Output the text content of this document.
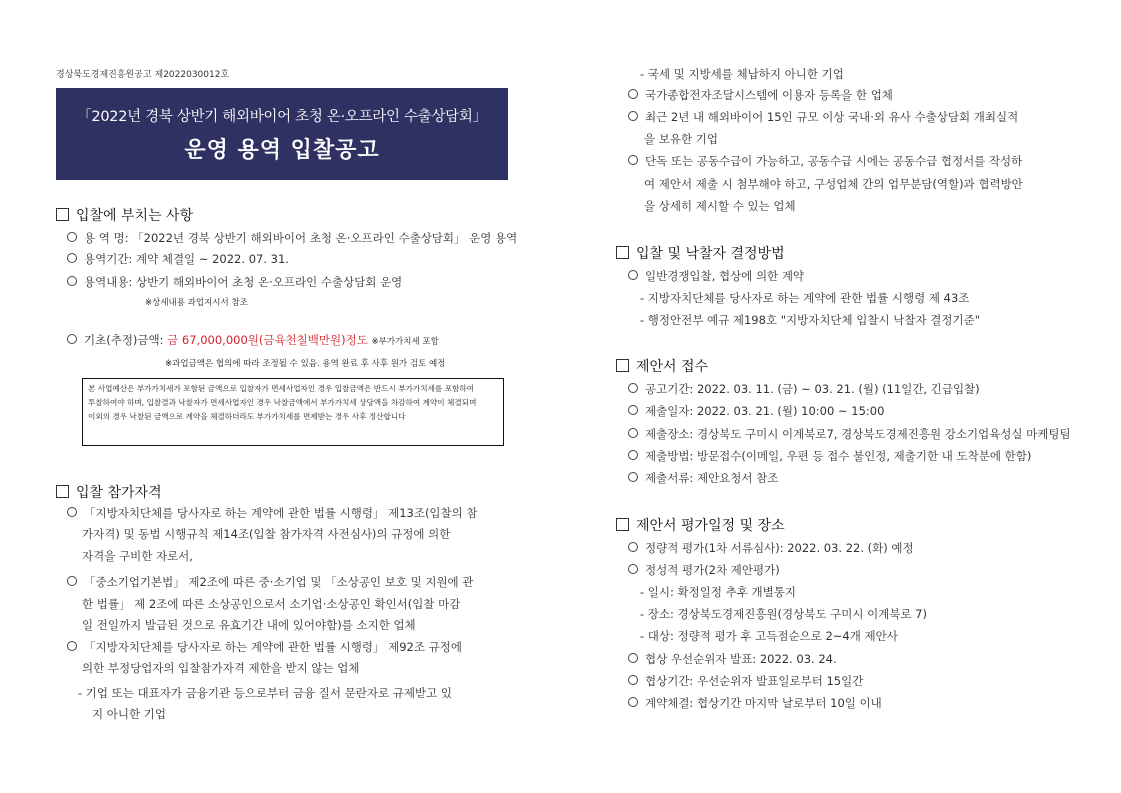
경상북도경제진흥원공고 제2022030012호
「2022년 경북 상반기 해외바이어 초청 온·오프라인 수출상담회」
운영 용역 입찰공고
입찰에 부치는 사항
용 역 명: 「2022년 경북 상반기 해외바이어 초청 온·오프라인 수출상담회」 운영 용역
용역기간: 계약 체결일 ~ 2022. 07. 31.
용역내용: 상반기 해외바이어 초청 온·오프라인 수출상담회 운영
※상세내용 과업지시서 참조
기초(추정)금액: 금 67,000,000원(금육천칠백만원)정도 ※부가가치세 포함
※과업금액은 협의에 따라 조정될 수 있음. 용역 완료 후 사후 원가 검토 예정
본 사업예산은 부가가치세가 포함된 금액으로 입찰자가 면세사업자인 경우 입찰금액은 반드시 부가가치세를 포함하여 투찰하여야 하며, 입찰결과 낙찰자가 면세사업자인 경우 낙찰금액에서 부가가치세 상당액을 차감하여 계약이 체결되며 이외의 경우 낙찰된 금액으로 계약을 체결하더라도 부가가치세를 면제받는 경우 사후 정산합니다
입찰 참가자격
「지방자치단체를 당사자로 하는 계약에 관한 법률 시행령」 제13조(입찰의 참
가자격) 및 동법 시행규칙 제14조(입찰 참가자격 사전심사)의 규정에 의한
자격을 구비한 자로서,
「중소기업기본법」 제2조에 따른 중·소기업 및 「소상공인 보호 및 지원에 관
한 법률」 제 2조에 따른 소상공인으로서 소기업·소상공인 확인서(입찰 마감
일 전일까지 발급된 것으로 유효기간 내에 있어야함)를 소지한 업체
「지방자치단체를 당사자로 하는 계약에 관한 법률 시행령」 제92조 규정에
의한 부정당업자의 입찰참가자격 제한을 받지 않는 업체
- 기업 또는 대표자가 금융기관 등으로부터 금융 질서 문란자로 규제받고 있
지 아니한 기업
- 국세 및 지방세를 체납하지 아니한 기업
국가종합전자조달시스템에 이용자 등록을 한 업체
최근 2년 내 해외바이어 15인 규모 이상 국내·외 유사 수출상담회 개최실적
을 보유한 기업
단독 또는 공동수급이 가능하고, 공동수급 시에는 공동수급 협정서를 작성하
여 제안서 제출 시 첨부해야 하고, 구성업체 간의 업무분담(역할)과 협력방안
을 상세히 제시할 수 있는 업체
입찰 및 낙찰자 결정방법
일반경쟁입찰, 협상에 의한 계약
- 지방자치단체를 당사자로 하는 계약에 관한 법률 시행령 제 43조
- 행정안전부 예규 제198호 "지방자치단체 입찰시 낙찰자 결정기준"
제안서 접수
공고기간: 2022. 03. 11. (금) ~ 03. 21. (월) (11일간, 긴급입찰)
제출일자: 2022. 03. 21. (월) 10:00 ~ 15:00
제출장소: 경상북도 구미시 이계북로7, 경상북도경제진흥원 강소기업육성실 마케팅팀
제출방법: 방문접수(이메일, 우편 등 접수 불인정, 제출기한 내 도착분에 한함)
제출서류: 제안요청서 참조
제안서 평가일정 및 장소
정량적 평가(1차 서류심사): 2022. 03. 22. (화) 예정
정성적 평가(2차 제안평가)
- 일시: 확정일정 추후 개별통지
- 장소: 경상북도경제진흥원(경상북도 구미시 이계북로 7)
- 대상: 정량적 평가 후 고득점순으로 2~4개 제안사
협상 우선순위자 발표: 2022. 03. 24.
협상기간: 우선순위자 발표일로부터 15일간
계약체결: 협상기간 마지막 날로부터 10일 이내
